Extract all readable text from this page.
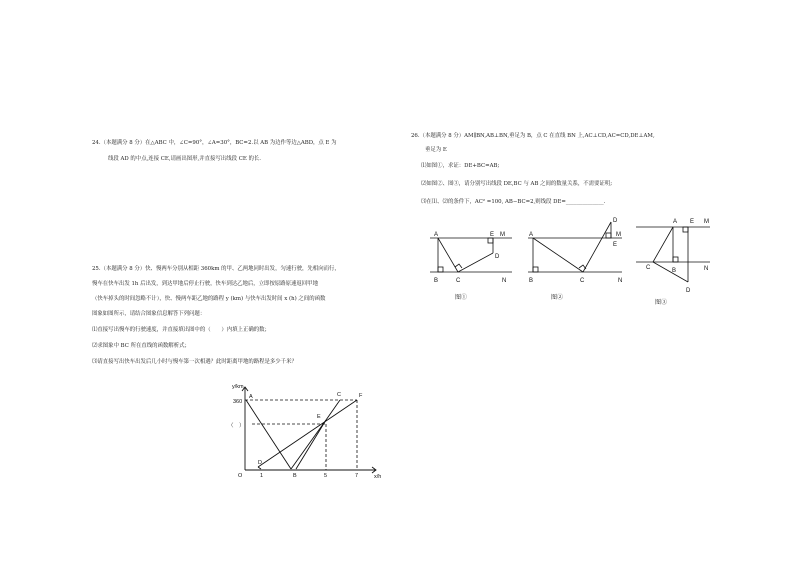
24.（本题满分 8 分）在△ABC 中，∠C=90°，∠A=30°，BC=2.以 AB 为边作等边△ABD，点 E 为
线段 AD 的中点,连接 CE,请画出图形,并直接写出线段 CE 的长.
25.（本题满分 8 分）快、慢两车分别从相距 360km 的甲、乙两地同时出发，匀速行驶，先相向而行，
慢车在快车出发 1h 后出发，到达甲地后停止行驶，快车到达乙地后，立即按原路原速返回甲地
（快车掉头的时间忽略不计），快、慢两车距乙地的路程 y (km) 与快车出发时间 x (h) 之间的函数
图象如图所示，请结合图象信息解答下列问题：
⑴直接写出慢车的行驶速度，并直接填出图中的（　　）内填上正确的数；
⑵求图象中 BC 所在直线的函数解析式；
⑶请直接写出快车出发后几小时与慢车第一次相遇？此时距离甲地的路程是多少千米？
y/km
x/h
360
（　）
O	1	5	7
A
B
C
D
E
F
26.（本题满分 8 分）AM∥BN,AB⊥BN,垂足为 B，点 C 在直线 BN 上,AC⊥CD,AC=CD,DE⊥AM,
垂足为 E
⑴如图①，求证：DE+BC=AB;
⑵如图②、图③，请分别写出线段 DE,BC 与 AB 之间的数量关系，不需要证明;
⑶在⑴、⑵的条件下，AC² =100, AB−BC=2,则线段 DE=______________.
A
B	C
D
E M
N
图①
A
B	C
D
E
M
N
图②
A
B
C
D
E M
N
图③
